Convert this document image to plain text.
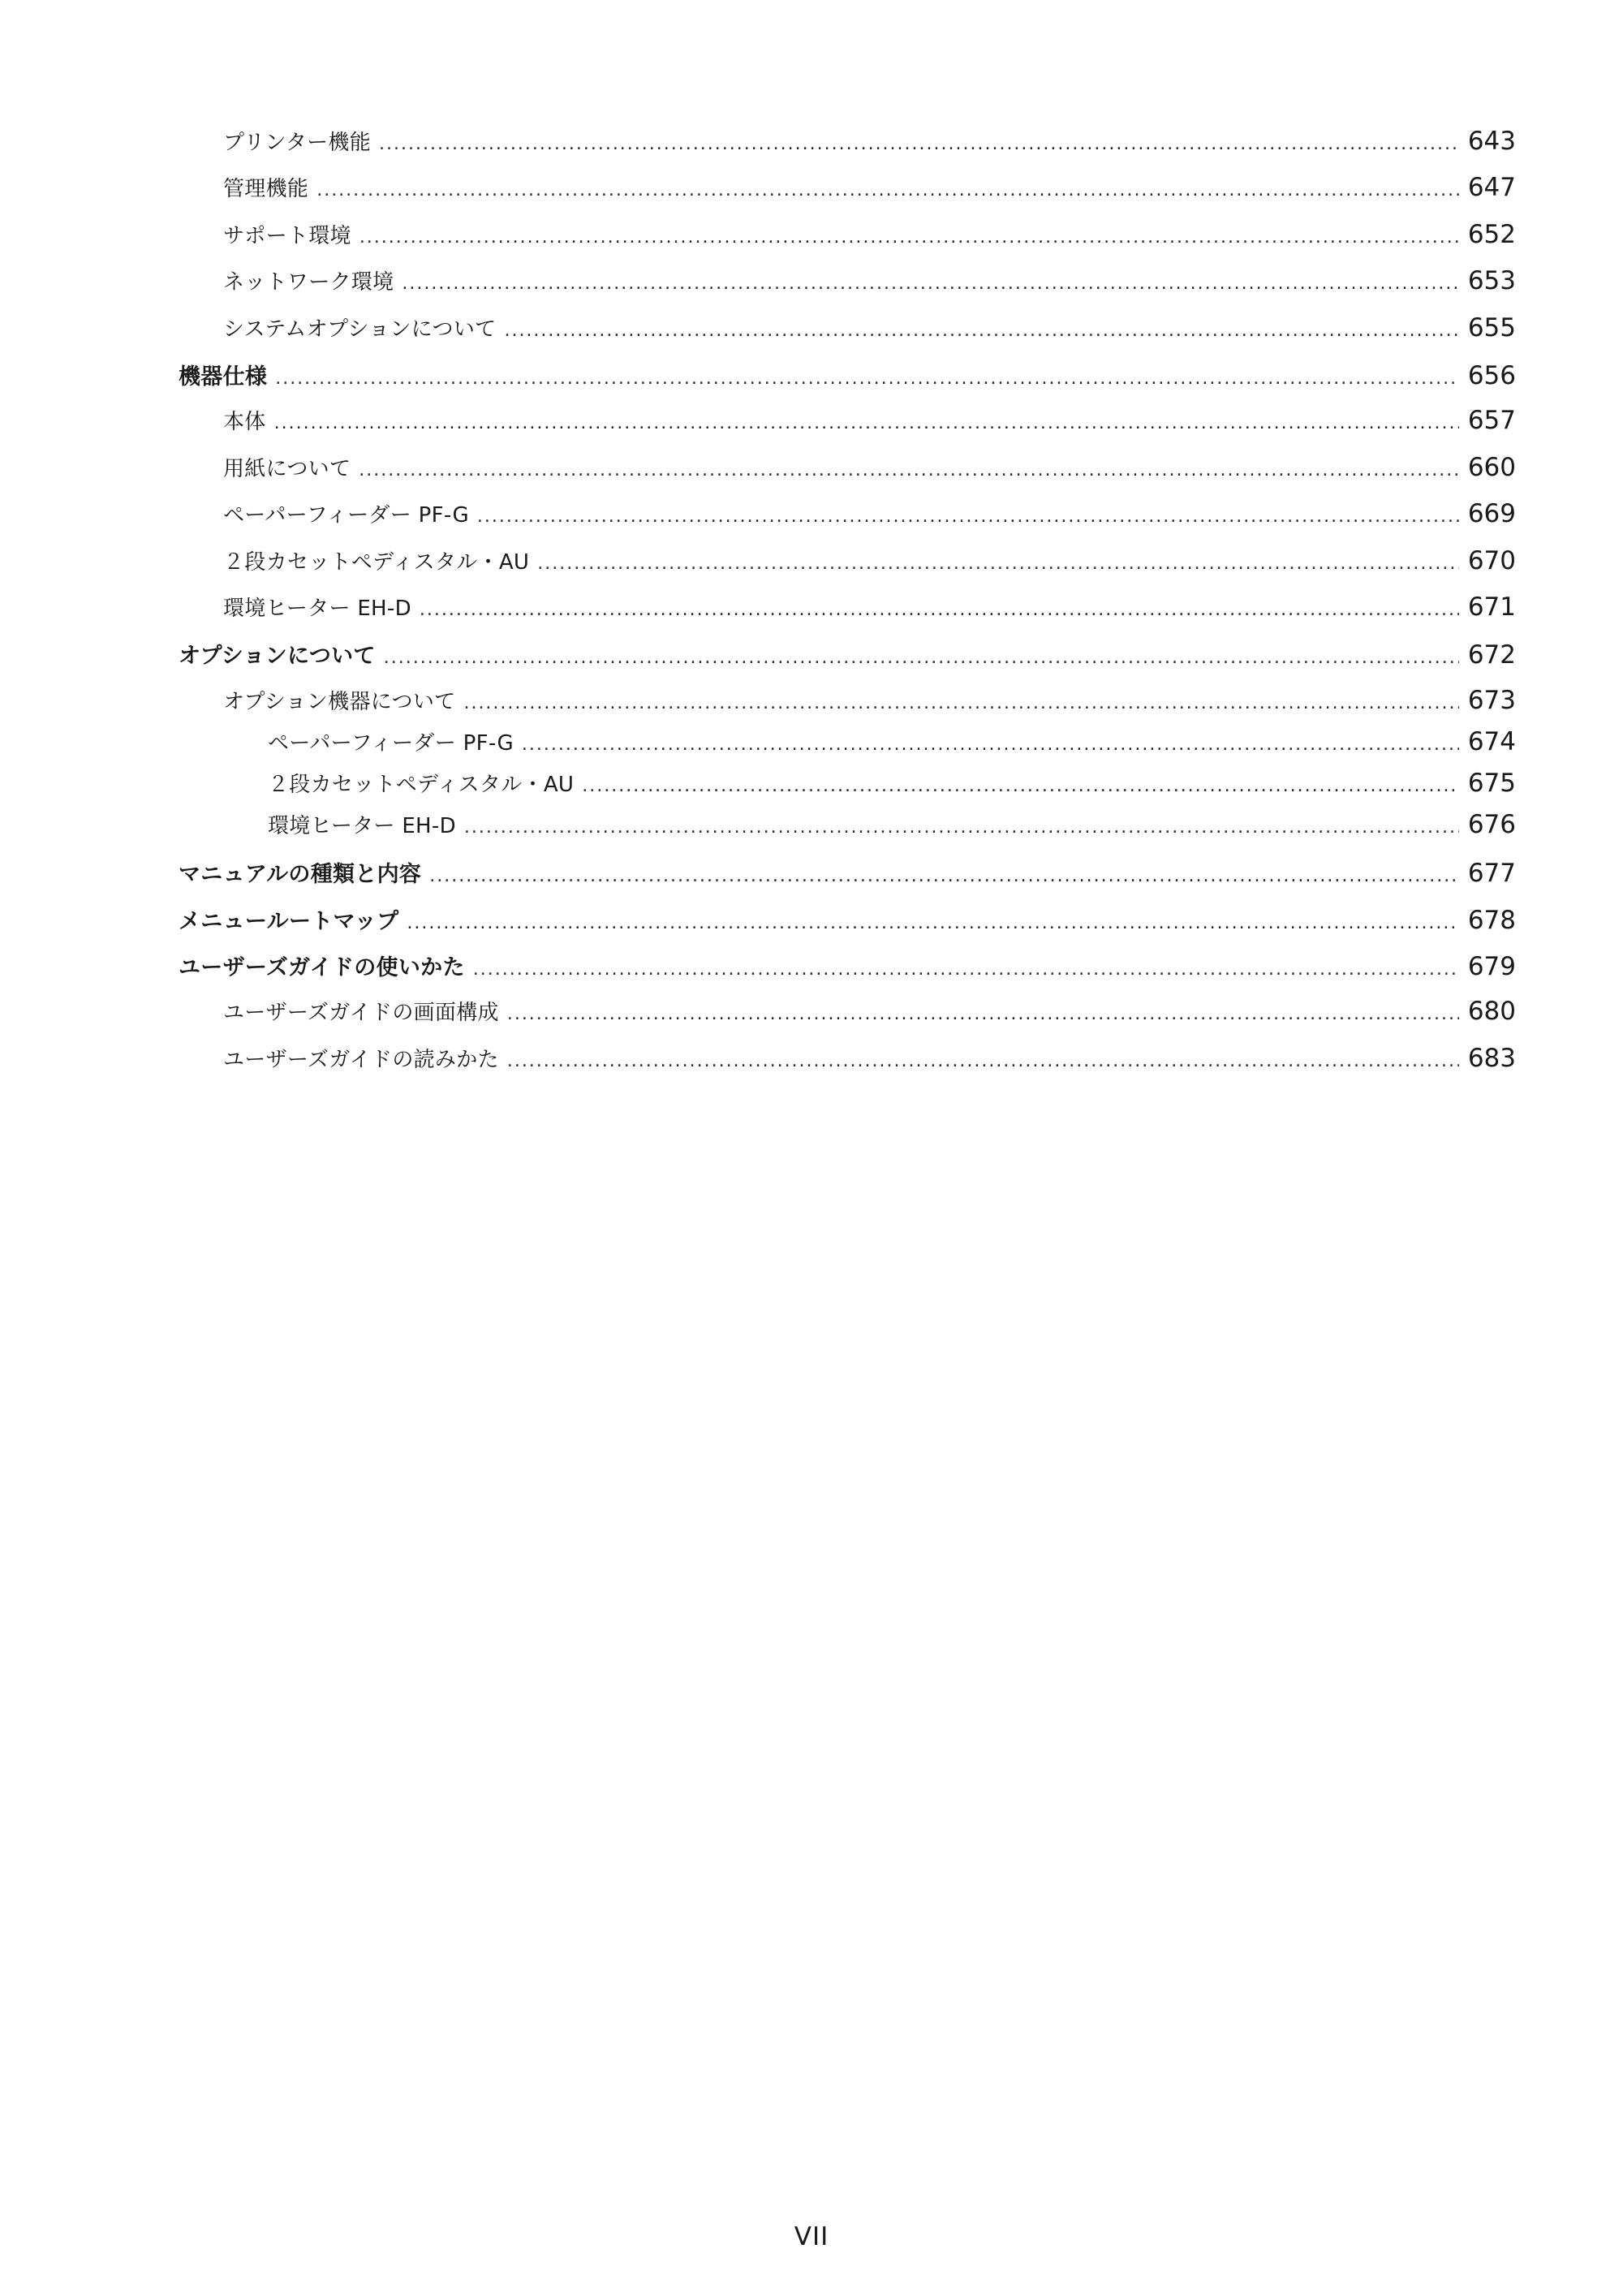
プリンター機能 .....	643
管理機能 .....	647
サポート環境 .....	652
ネットワーク環境 .....	653
システムオプションについて .....	655
機器仕様 .....	656
本体 .....	657
用紙について .....	660
ペーパーフィーダー PF-G .....	669
２段カセットペディスタル・AU .....	670
環境ヒーター EH-D .....	671
オプションについて .....	672
オプション機器について .....	673
ペーパーフィーダー PF-G .....	674
２段カセットペディスタル・AU .....	675
環境ヒーター EH-D .....	676
マニュアルの種類と内容 .....	677
メニュールートマップ .....	678
ユーザーズガイドの使いかた .....	679
ユーザーズガイドの画面構成 .....	680
ユーザーズガイドの読みかた .....	683
VII
